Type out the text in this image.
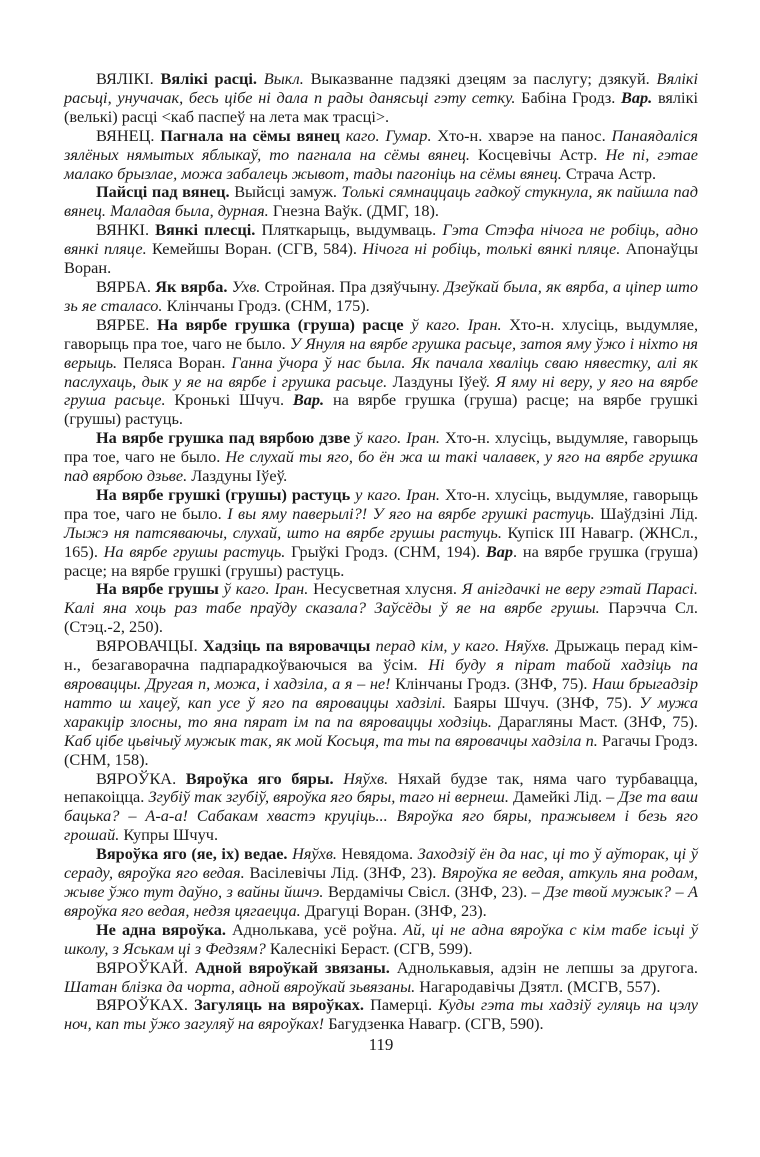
ВЯЛІКІ. Вялікі расці. Выкл. Выказванне падзякі дзецям за паслугу; дзякуй. Вялікі расьці, унучачак, бесь цібе ні дала п рады данясьці гэту сетку. Бабіна Гродз. Вар. вялікі (велькі) расці <каб паспеў на лета мак трасці>.

ВЯНЕЦ. Пагнала на сёмы вянец каго. Гумар. Хто-н. хварэе на панос. Панаядаліся зялёных нямытых яблыкаў, то пагнала на сёмы вянец. Косцевічы Астр. Не пі, гэтае малако брызлае, можа забалець жывот, тады пагоніць на сёмы вянец. Страча Астр.

Пайсці пад вянец. Выйсці замуж. Толькі сямнаццаць гадкоў стукнула, як пайшла пад вянец. Маладая была, дурная. Гнезна Ваўк. (ДМГ, 18).

ВЯНКІ. Вянкі плесці. Пляткарыць, выдумваць. Гэта Стэфа нічога не робіць, адно вянкі пляце. Кемейшы Воран. (СГВ, 584). Нічога ні робіць, толькі вянкі пляце. Апонаўцы Воран.

ВЯРБА. Як вярба. Ухв. Стройная. Пра дзяўчыну. Дзеўкай была, як вярба, а ціпер што зь яе сталасо. Клінчаны Гродз. (СНМ, 175).

ВЯРБЕ. На вярбе грушка (груша) расце ў каго. Іран. Хто-н. хлусіць, выдумляе, гаворыць пра тое, чаго не было. У Януля на вярбе грушка расьце, затоя яму ўжо і ніхто ня верыць. Пеляса Воран. Ганна ўчора ў нас была. Як пачала хваліць сваю нявестку, алі як паслухаць, дык у яе на вярбе і грушка расьце. Лаздуны Іўеў. Я яму ні веру, у яго на вярбе груша расьце. Кронькі Шчуч. Вар. на вярбе грушка (груша) расце; на вярбе грушкі (грушы) растуць.

На вярбе грушка пад вярбою дзве ў каго. Іран. Хто-н. хлусіць, выдумляе, гаворыць пра тое, чаго не было. Не слухай ты яго, бо ён жа ш такі чалавек, у яго на вярбе грушка пад вярбою дзьве. Лаздуны Іўеў.

На вярбе грушкі (грушы) растуць у каго. Іран. Хто-н. хлусіць, выдумляе, гаворыць пра тое, чаго не было. І вы яму паверылі?! У яго на вярбе грушкі растуць. Шаўдзіні Лід. Лыжэ ня патсяваючы, слухай, што на вярбе грушы растуць. Купіск III Навагр. (ЖНСл., 165). На вярбе грушы растуць. Грыўкі Гродз. (СНМ, 194). Вар. на вярбе грушка (груша) расце; на вярбе грушкі (грушы) растуць.

На вярбе грушы ў каго. Іран. Несусветная хлусня. Я анігдачкі не веру гэтай Парасі. Калі яна хоць раз табе праўду сказала? Заўсёды ў яе на вярбе грушы. Парэчча Сл. (Стэц.-2, 250).

ВЯРОВАЧЦЫ. Хадзіць па вяровачцы перад кім, у каго. Няўхв. Дрыжаць перад кім-н., безагаворачна падпарадкоўваючыся ва ўсім. Ні буду я пірат табой хадзіць па вяроваццы. Другая п, можа, і хадзіла, а я – не! Клінчаны Гродз. (ЗНФ, 75). Наш брыгадзір натто ш хацеў, кап усе ў яго па вяроваццы хадзілі. Баяры Шчуч. (ЗНФ, 75). У мужа харакцір злосны, то яна пярат ім па па вяроваццы ходзіць. Дарагляны Маст. (ЗНФ, 75). Каб цібе цьвічыў мужык так, як мой Косьця, та ты па вяровачцы хадзіла п. Рагачы Гродз. (СНМ, 158).

ВЯРОЎКА. Вяроўка яго бяры. Няўхв. Няхай будзе так, няма чаго турбавацца, непакоіцца. Згубіў так згубіў, вяроўка яго бяры, таго ні вернеш. Дамейкі Лід. – Дзе та ваш бацька? – А-а-а! Сабакам хвастэ круціць... Вяроўка яго бяры, пражывем і безь яго грошай. Купры Шчуч.

Вяроўка яго (яе, іх) ведае. Няўхв. Невядома. Заходзіў ён да нас, ці то ў аўторак, ці ў сераду, вяроўка яго ведая. Васілевічы Лід. (ЗНФ, 23). Вяроўка яе ведая, аткуль яна родам, жыве ўжо тут даўно, з вайны йшчэ. Вердамічы Свісл. (ЗНФ, 23). – Дзе твой мужык? – А вяроўка яго ведая, недзя цягаецца. Драгуці Воран. (ЗНФ, 23).

Не адна вяроўка. Аднолькава, усё роўна. Ай, ці не адна вяроўка с кім табе ісьці ў школу, з Яськам ці з Федзям? Калеснікі Бераст. (СГВ, 599).

ВЯРОЎКАЙ. Адной вяроўкай звязаны. Аднолькавыя, адзін не лепшы за другога. Шатан блізка да чорта, адной вяроўкай зьвязаны. Нагародавічы Дзятл. (МСГВ, 557).

ВЯРОЎКАХ. Загуляць на вяроўках. Памерці. Куды гэта ты хадзіў гуляць на цэлу ноч, кап ты ўжо загуляў на вяроўках! Багудзенка Навагр. (СГВ, 590).

119
